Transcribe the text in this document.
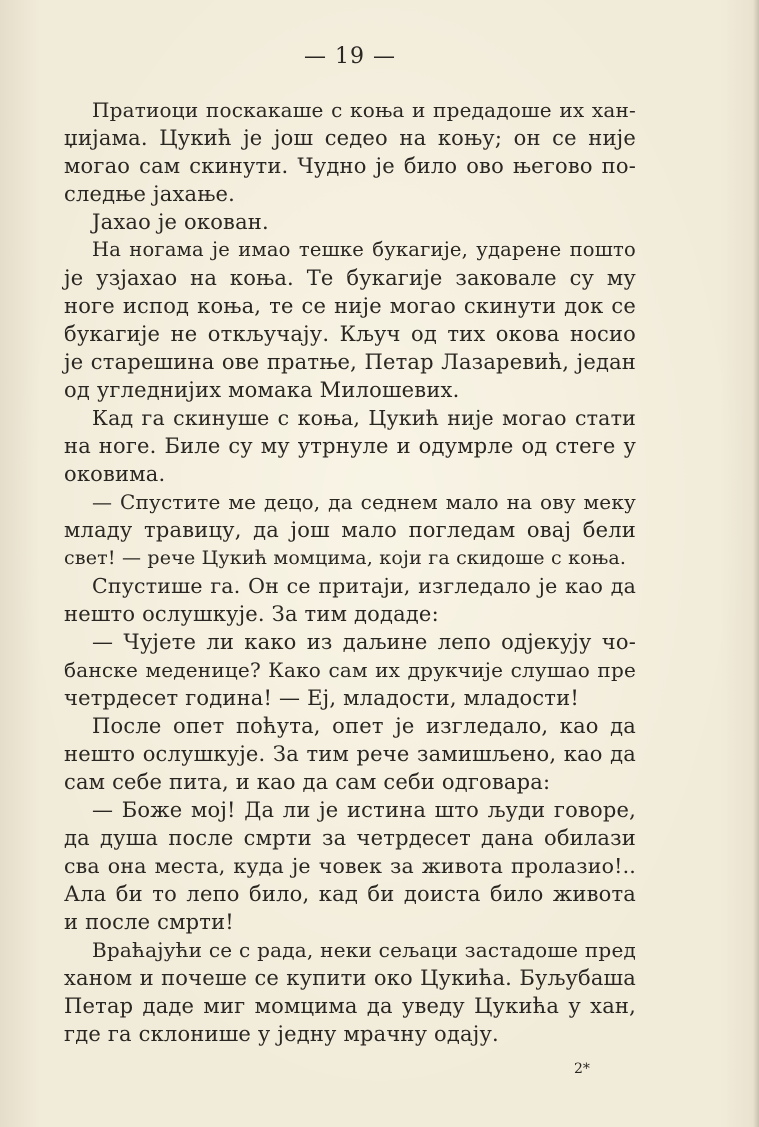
— 19 —
Пратиоци поскакаше с коња и предадоше их хан-
џијама. Цукић је још седео на коњу; он се није
могао сам скинути. Чудно је било ово његово по-
следње јахање.
Јахао је окован.
На ногама је имао тешке букагије, ударене пошто
је узјахао на коња. Те букагије заковале су му
ноге испод коња, те се није могао скинути док се
букагије не откључају. Кључ од тих окова носио
је старешина ове пратње, Петар Лазаревић, један
од угледнијих момака Милошевих.
Кад га скинуше с коња, Цукић није могао стати
на ноге. Биле су му утрнуле и одумрле од стеге у
оковима.
— Спустите ме децо, да седнем мало на ову меку
младу травицу, да још мало погледам овај бели
свет! — рече Цукић момцима, који га скидоше с коња.
Спустише га. Он се притаји, изгледало је као да
нешто ослушкује. За тим додаде:
— Чујете ли како из даљине лепо одјекују чо-
банске меденице? Како сам их друкчије слушао пре
четрдесет година! — Еј, младости, младости!
После опет поћута, опет је изгледало, као да
нешто ослушкује. За тим рече замишљено, као да
сам себе пита, и као да сам себи одговара:
— Боже мој! Да ли је истина што људи говоре,
да душа после смрти за четрдесет дана обилази
сва она места, куда је човек за живота пролазио!..
Ала би то лепо било, кад би доиста било живота
и после смрти!
Враћајући се с рада, неки сељаци застадоше пред
ханом и почеше се купити око Цукића. Буљубаша
Петар даде миг момцима да уведу Цукића у хан,
где га склонише у једну мрачну одају.
2*
